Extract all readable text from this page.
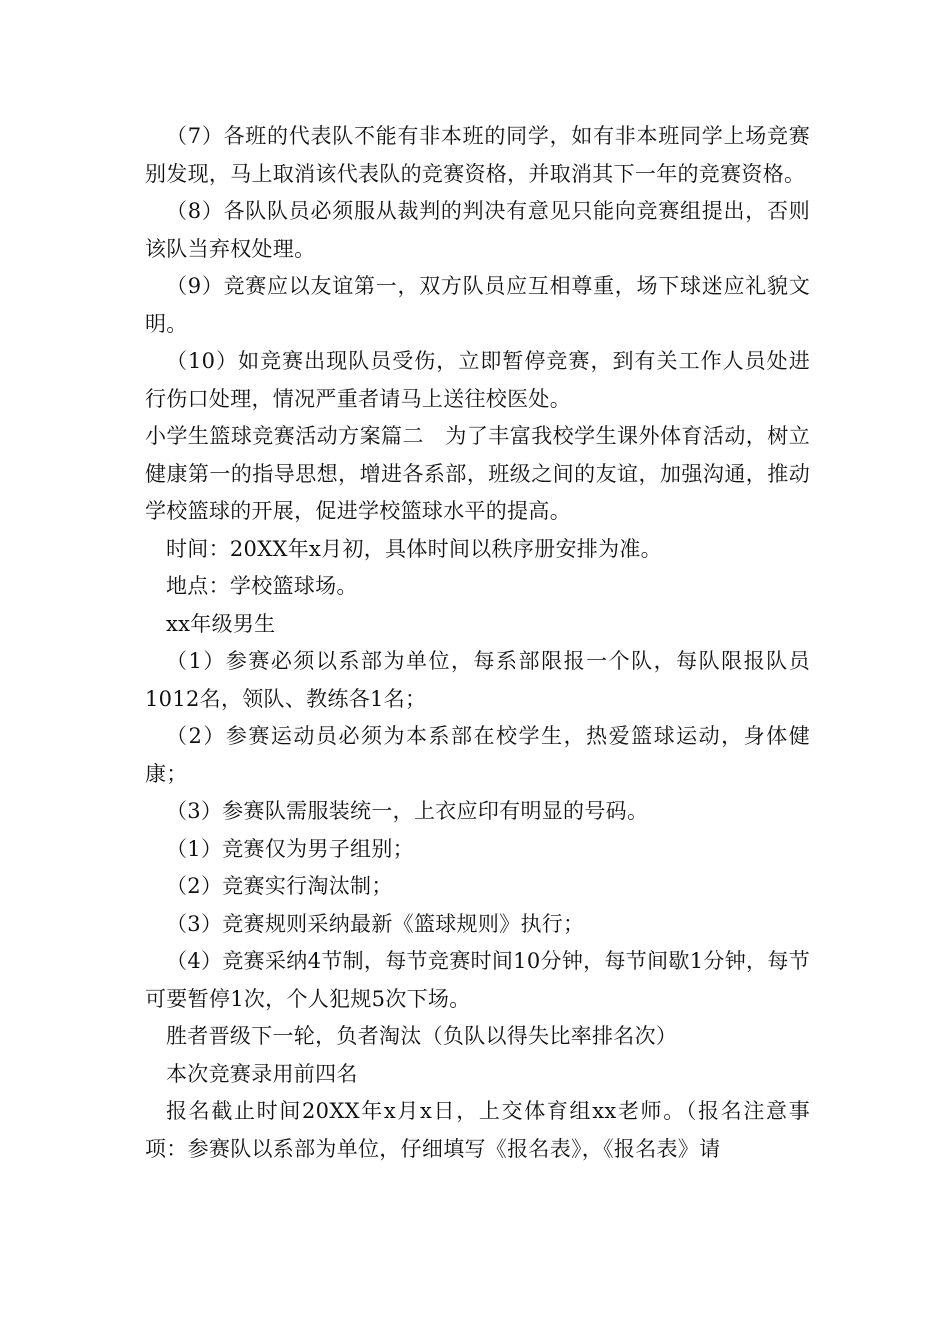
（7）各班的代表队不能有非本班的同学，如有非本班同学上场竞赛别发现，马上取消该代表队的竞赛资格，并取消其下一年的竞赛资格。

（8）各队队员必须服从裁判的判决有意见只能向竞赛组提出，否则该队当弃权处理。

（9）竞赛应以友谊第一，双方队员应互相尊重，场下球迷应礼貌文明。

（10）如竞赛出现队员受伤，立即暂停竞赛，到有关工作人员处进行伤口处理，情况严重者请马上送往校医处。

小学生篮球竞赛活动方案篇二　为了丰富我校学生课外体育活动，树立健康第一的指导思想，增进各系部，班级之间的友谊，加强沟通，推动学校篮球的开展，促进学校篮球水平的提高。

时间：20XX年x月初，具体时间以秩序册安排为准。

地点：学校篮球场。

xx年级男生

（1）参赛必须以系部为单位，每系部限报一个队，每队限报队员1012名，领队、教练各1名；

（2）参赛运动员必须为本系部在校学生，热爱篮球运动，身体健康；

（3）参赛队需服装统一，上衣应印有明显的号码。

（1）竞赛仅为男子组别；

（2）竞赛实行淘汰制；

（3）竞赛规则采纳最新《篮球规则》执行；

（4）竞赛采纳4节制，每节竞赛时间10分钟，每节间歇1分钟，每节可要暂停1次，个人犯规5次下场。

胜者晋级下一轮，负者淘汰（负队以得失比率排名次）

本次竞赛录用前四名

报名截止时间20XX年x月x日，上交体育组xx老师。（报名注意事项：参赛队以系部为单位，仔细填写《报名表》，《报名表》请
